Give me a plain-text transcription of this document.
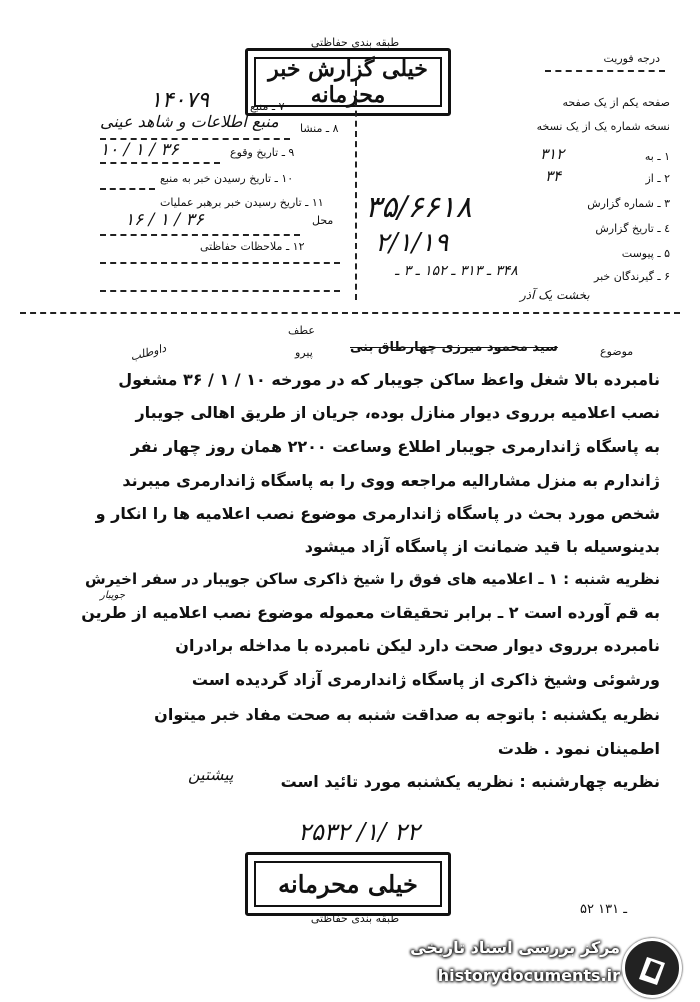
طبقه بندی حفاظتی
خیلی گزارش خبر محرمانه
درجه فوریت
۱۴۰۷۹	۷ ـ منبع
۸ ـ منشا
منبع اطلاعات و شاهد عینی
۹ ـ تاریخ وقوع
۱۰ / ۱ / ۳۶
۱۰ ـ تاریخ رسیدن خبر به منبع
۱۱ ـ تاریخ رسیدن خبر برهبر عملیات
محل
۱۶ / ۱ / ۳۶
۱۲ ـ ملاحظات حفاظتی
صفحه یکم از یک صفحه
نسخه شماره یک از یک نسخه
۱ ـ به
۳۱۲
۲ ـ از
۳۴
۳ ـ شماره گزارش
٤ ـ تاریخ گزارش
۵ ـ پیوست
۶ ـ گیرندگان خبر
۳۴۸ ـ ۳۱۳ ـ ۱۵۲ ـ ۳ ـ
بخشت یک آذر
۳۵/۶۶۱۸
۲/۱/۱۹
عطف
پیرو	موضوع
سید محمود میرزی چهارطاق بنی
داوطلب
نامبرده بالا شغل واعظ ساکن جویبار که در مورخه ۱۰ / ۱ / ۳۶ مشغول
نصب اعلامیه برروی دیوار منازل بوده، جریان از طریق اهالی جویبار
به پاسگاه ژاندارمری جویبار اطلاع وساعت ۲۲۰۰ همان روز چهار نفر
ژاندارم به منزل مشارالیه مراجعه ووی را به پاسگاه ژاندارمری میبرند
شخص مورد بحث در پاسگاه ژاندارمری موضوع نصب اعلامیه ها را انکار و
بدینوسیله با قید ضمانت از پاسگاه آزاد میشود
نظریه شنبه : ۱ ـ اعلامیه های فوق را شیخ ذاکری ساکن جویبار در سفر اخیرش
جویبار
به قم آورده است ۲ ـ برابر تحقیقات معموله موضوع نصب اعلامیه از طرین
نامبرده برروی دیوار صحت دارد لیکن نامبرده با مداخله برادران
ورشوئی وشیخ ذاکری از پاسگاه ژاندارمری آزاد گردیده است
نظریه یکشنبه : باتوجه به صداقت شنبه به صحت مفاد خبر میتوان
اطمینان نمود . ظدت
نظریه چهارشنبه : نظریه یکشنبه مورد تائید است
پیشتین
۲۵۳۲ /۱/ ۲۲
خیلی محرمانه
طبقه بندی حفاظتی
۵۲ ـ ۱۳۱
مرکز بررسی اسناد تاریخی
historydocuments.ir
